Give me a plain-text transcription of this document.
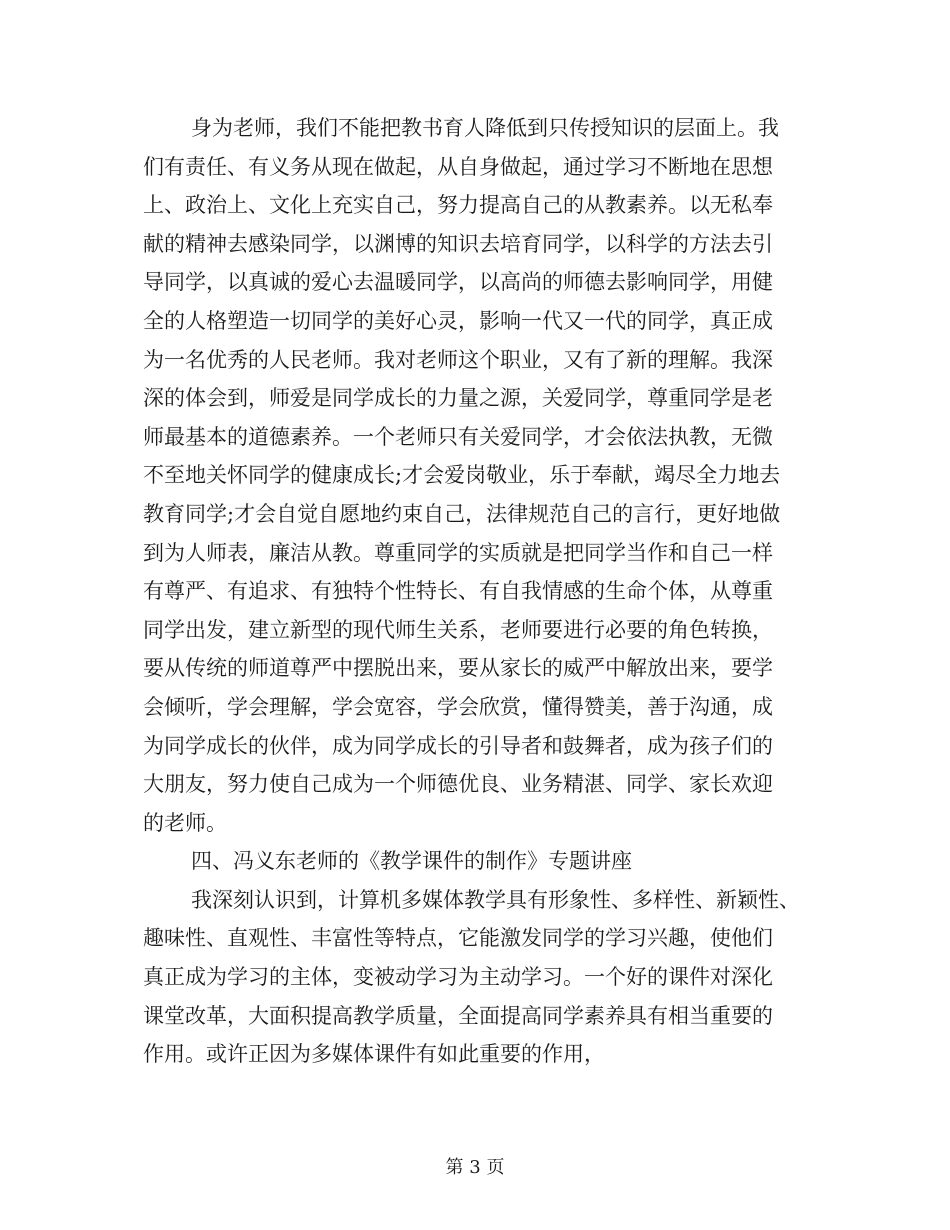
身为老师，我们不能把教书育人降低到只传授知识的层面上。我
们有责任、有义务从现在做起，从自身做起，通过学习不断地在思想
上、政治上、文化上充实自己，努力提高自己的从教素养。以无私奉
献的精神去感染同学，以渊博的知识去培育同学，以科学的方法去引
导同学，以真诚的爱心去温暖同学，以高尚的师德去影响同学，用健
全的人格塑造一切同学的美好心灵，影响一代又一代的同学，真正成
为一名优秀的人民老师。我对老师这个职业，又有了新的理解。我深
深的体会到，师爱是同学成长的力量之源，关爱同学，尊重同学是老
师最基本的道德素养。一个老师只有关爱同学，才会依法执教，无微
不至地关怀同学的健康成长;才会爱岗敬业，乐于奉献，竭尽全力地去
教育同学;才会自觉自愿地约束自己，法律规范自己的言行，更好地做
到为人师表，廉洁从教。尊重同学的实质就是把同学当作和自己一样
有尊严、有追求、有独特个性特长、有自我情感的生命个体，从尊重
同学出发，建立新型的现代师生关系，老师要进行必要的角色转换，
要从传统的师道尊严中摆脱出来，要从家长的威严中解放出来，要学
会倾听，学会理解，学会宽容，学会欣赏，懂得赞美，善于沟通，成
为同学成长的伙伴，成为同学成长的引导者和鼓舞者，成为孩子们的
大朋友，努力使自己成为一个师德优良、业务精湛、同学、家长欢迎
的老师。
四、冯义东老师的《教学课件的制作》专题讲座
我深刻认识到，计算机多媒体教学具有形象性、多样性、新颖性、
趣味性、直观性、丰富性等特点，它能激发同学的学习兴趣，使他们
真正成为学习的主体，变被动学习为主动学习。一个好的课件对深化
课堂改革，大面积提高教学质量，全面提高同学素养具有相当重要的
作用。或许正因为多媒体课件有如此重要的作用，
第 3 页
